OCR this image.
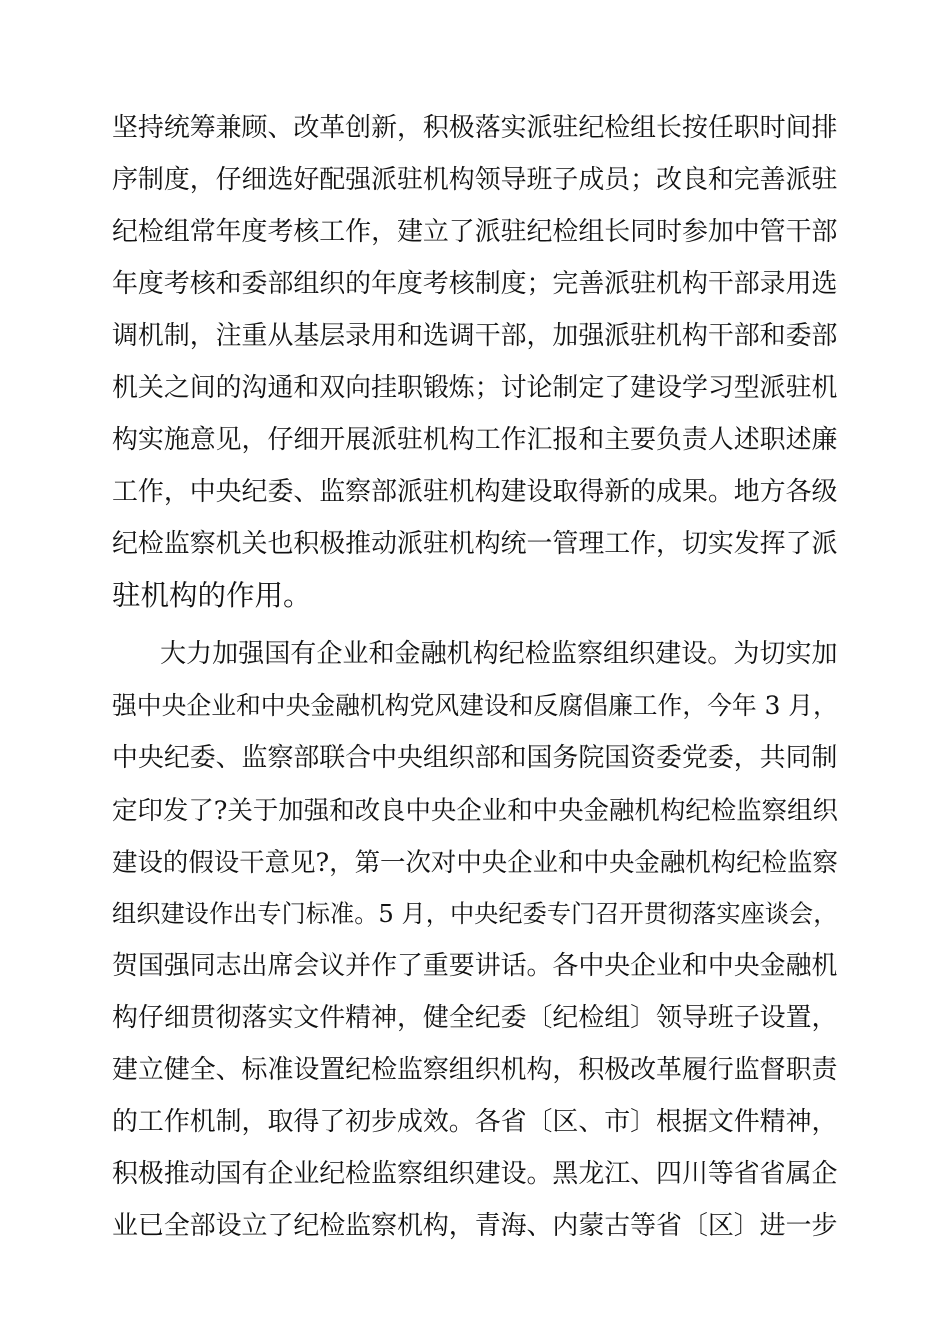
坚持统筹兼顾、改革创新，积极落实派驻纪检组长按任职时间排
序制度，仔细选好配强派驻机构领导班子成员；改良和完善派驻
纪检组常年度考核工作，建立了派驻纪检组长同时参加中管干部
年度考核和委部组织的年度考核制度；完善派驻机构干部录用选
调机制，注重从基层录用和选调干部，加强派驻机构干部和委部
机关之间的沟通和双向挂职锻炼；讨论制定了建设学习型派驻机
构实施意见，仔细开展派驻机构工作汇报和主要负责人述职述廉
工作，中央纪委、监察部派驻机构建设取得新的成果。地方各级
纪检监察机关也积极推动派驻机构统一管理工作，切实发挥了派
驻机构的作用。
大力加强国有企业和金融机构纪检监察组织建设。为切实加
强中央企业和中央金融机构党风建设和反腐倡廉工作，今年 3 月，
中央纪委、监察部联合中央组织部和国务院国资委党委，共同制
定印发了?关于加强和改良中央企业和中央金融机构纪检监察组织
建设的假设干意见?，第一次对中央企业和中央金融机构纪检监察
组织建设作出专门标准。5 月，中央纪委专门召开贯彻落实座谈会，
贺国强同志出席会议并作了重要讲话。各中央企业和中央金融机
构仔细贯彻落实文件精神，健全纪委〔纪检组〕领导班子设置，
建立健全、标准设置纪检监察组织机构，积极改革履行监督职责
的工作机制，取得了初步成效。各省〔区、市〕根据文件精神，
积极推动国有企业纪检监察组织建设。黑龙江、四川等省省属企
业已全部设立了纪检监察机构，青海、内蒙古等省〔区〕进一步
